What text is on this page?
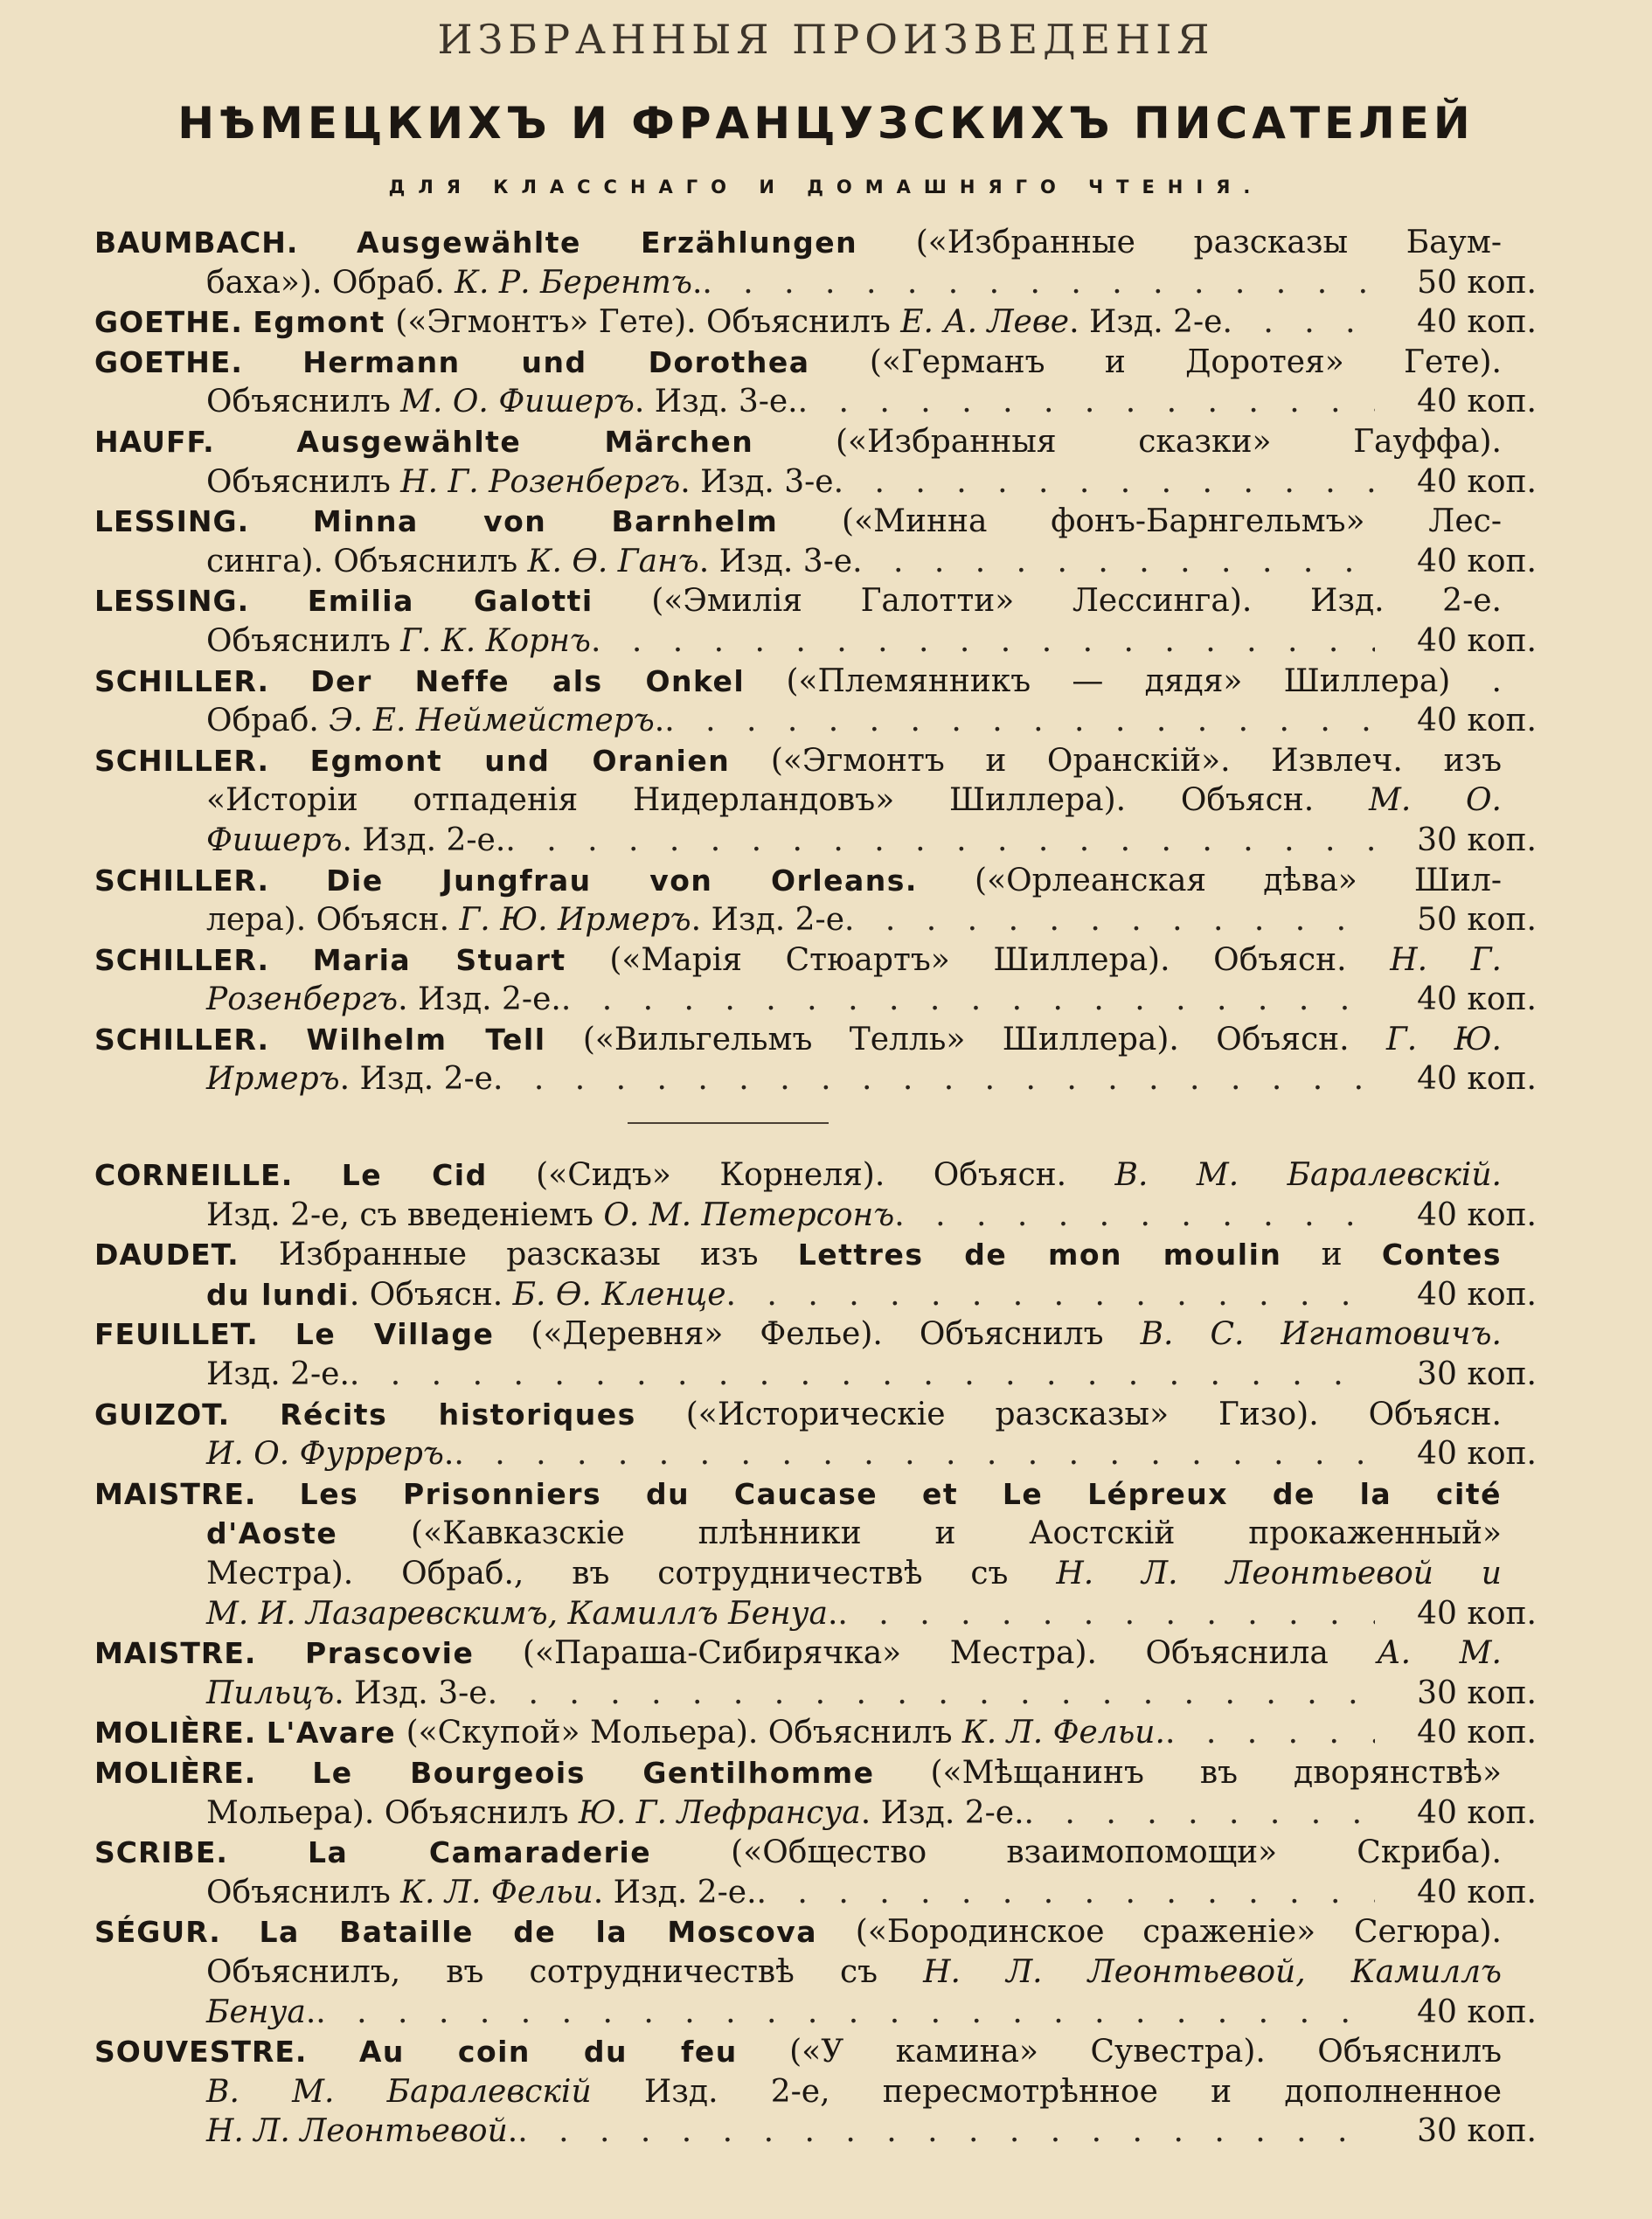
ИЗБРАННЫЯ ПРОИЗВЕДЕНІЯ
НѢМЕЦКИХЪ И ФРАНЦУЗСКИХЪ ПИСАТЕЛЕЙ
ДЛЯ КЛАССНАГО И ДОМАШНЯГО ЧТЕНІЯ.
BAUMBACH. Ausgewählte Erzählungen («Избранные разсказы Баум-
баха»). Обраб. К. Р. Берентъ. . . .	50 коп.
GOETHE. Egmont («Эгмонтъ» Гете). Объяснилъ Е. А. Леве. Изд. 2-е . . .	40 коп.
GOETHE. Hermann und Dorothea («Германъ и Доротея» Гете).
Объяснилъ М. О. Фишеръ. Изд. 3-е. . . .	40 коп.
HAUFF.	Ausgewählte Märchen («Избранныя сказки» Гауффа).
Объяснилъ Н. Г. Розенбергъ. Изд. 3-е . . .	40 коп.
LESSING. Minna von Barnhelm («Минна фонъ-Барнгельмъ» Лес-
синга). Объяснилъ К. Ѳ. Ганъ. Изд. 3-е . . .	40 коп.
LESSING. Emilia Galotti («Эмилія Галотти» Лессинга). Изд. 2-е.
Объяснилъ Г. К. Корнъ . . .	40 коп.
SCHILLER. Der Neffe als Onkel («Племянникъ — дядя» Шиллера) .
Обраб. Э. Е. Неймейстеръ. . . .	40 коп.
SCHILLER. Egmont und Oranien («Эгмонтъ и Оранскій». Извлеч. изъ
«Исторіи отпаденія Нидерландовъ» Шиллера). Объясн. М. О.
Фишеръ. Изд. 2-е. . . .	30 коп.
SCHILLER. Die Jungfrau von Orleans. («Орлеанская дѣва» Шил-
лера). Объясн. Г. Ю. Ирмеръ. Изд. 2-е . . .	50 коп.
SCHILLER. Maria Stuart («Марія Стюартъ» Шиллера). Объясн. Н. Г.
Розенбергъ. Изд. 2-е. . . .	40 коп.
SCHILLER. Wilhelm Tell («Вильгельмъ Телль» Шиллера). Объясн. Г. Ю.
Ирмеръ. Изд. 2-е . . .	40 коп.
CORNEILLE. Le Cid («Сидъ» Корнеля). Объясн. В. М. Баралевскій.
Изд. 2-е, съ введеніемъ О. М. Петерсонъ . . .	40 коп.
DAUDET. Избранные разсказы изъ Lettres de mon moulin и Contes
du lundi. Объясн. Б. Ѳ. Кленце . . .	40 коп.
FEUILLET. Le Village («Деревня» Фелье). Объяснилъ В. С. Игнатовичъ.
Изд. 2-е. . . .	30 коп.
GUIZOT. Récits historiques («Историческіе разсказы» Гизо). Объясн.
И. О. Фуррeръ. . . .	40 коп.
MAISTRE. Les Prisonniers du Caucase et Le Lépreux de la cité
d'Aoste («Кавказскіе плѣнники и Аостскій прокаженный»
Местра). Обраб., въ сотрудничествѣ съ Н. Л. Леонтьевой и
М. И. Лазаревскимъ, Камиллъ Бенуа. . . .	40 коп.
MAISTRE. Prascovie («Параша-Сибирячка» Местра). Объяснила А. М.
Пильцъ. Изд. 3-е . . .	30 коп.
MOLIÈRE. L'Avare («Скупой» Мольера). Объяснилъ К. Л. Фельи. . . .	40 коп.
MOLIÈRE. Le Bourgeois Gentilhomme («Мѣщанинъ въ дворянствѣ»
Мольера). Объяснилъ Ю. Г. Лефрансуа. Изд. 2-е. . . .	40 коп.
SCRIBE.	La Camaraderie («Общество взаимопомощи» Скриба).
Объяснилъ К. Л. Фельи. Изд. 2-е. . . .	40 коп.
SÉGUR. La Bataille de la Moscova («Бородинское сраженіе» Сегюра).
Объяснилъ, въ сотрудничествѣ съ Н. Л. Леонтьевой, Камиллъ
Бенуа. . . .	40 коп.
SOUVESTRE. Au coin du feu («У камина» Сувестра). Объяснилъ
В. М. Баралевскій Изд. 2-е, пересмотрѣнное и дополненное
Н. Л. Леонтьевой. . . .	30 коп.
